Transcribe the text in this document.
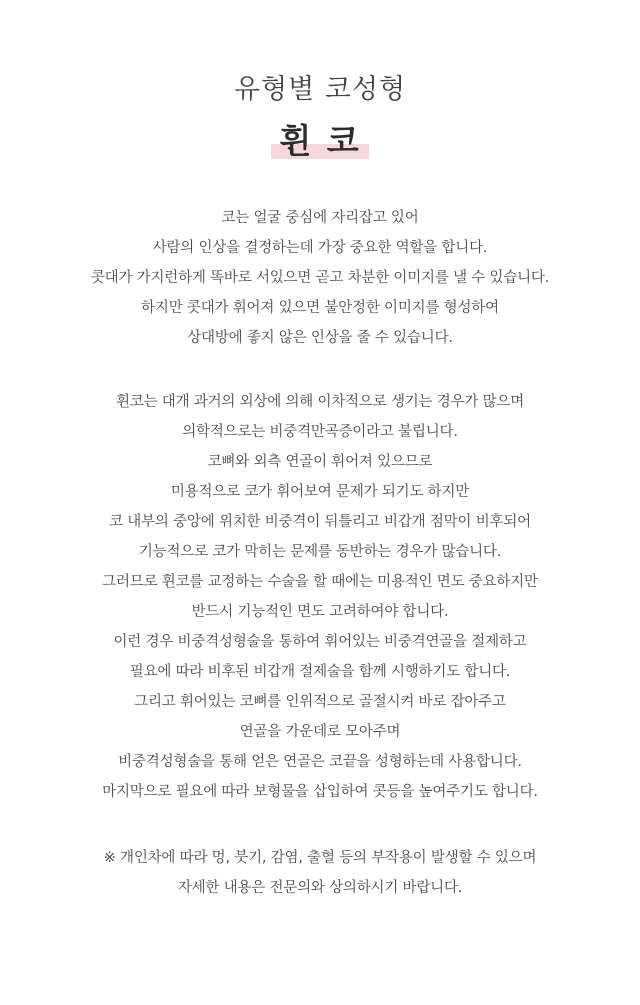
유형별 코성형
휜 코
코는 얼굴 중심에 자리잡고 있어
사람의 인상을 결정하는데 가장 중요한 역할을 합니다.
콧대가 가지런하게 똑바로 서있으면 곧고 차분한 이미지를 낼 수 있습니다.
하지만 콧대가 휘어져 있으면 불안정한 이미지를 형성하여
상대방에 좋지 않은 인상을 줄 수 있습니다.
휜코는 대개 과거의 외상에 의해 이차적으로 생기는 경우가 많으며
의학적으로는 비중격만곡증이라고 불립니다.
코뼈와 외측 연골이 휘어져 있으므로
미용적으로 코가 휘어보여 문제가 되기도 하지만
코 내부의 중앙에 위치한 비중격이 뒤틀리고 비갑개 점막이 비후되어
기능적으로 코가 막히는 문제를 동반하는 경우가 많습니다.
그러므로 휜코를 교정하는 수술을 할 때에는 미용적인 면도 중요하지만
반드시 기능적인 면도 고려하여야 합니다.
이런 경우 비중격성형술을 통하여 휘어있는 비중격연골을 절제하고
필요에 따라 비후된 비갑개 절제술을 함께 시행하기도 합니다.
그리고 휘어있는 코뼈를 인위적으로 골절시켜 바로 잡아주고
연골을 가운데로 모아주며
비중격성형술을 통해 얻은 연골은 코끝을 성형하는데 사용합니다.
마지막으로 필요에 따라 보형물을 삽입하여 콧등을 높여주기도 합니다.
※ 개인차에 따라 멍, 붓기, 감염, 출혈 등의 부작용이 발생할 수 있으며
자세한 내용은 전문의와 상의하시기 바랍니다.
